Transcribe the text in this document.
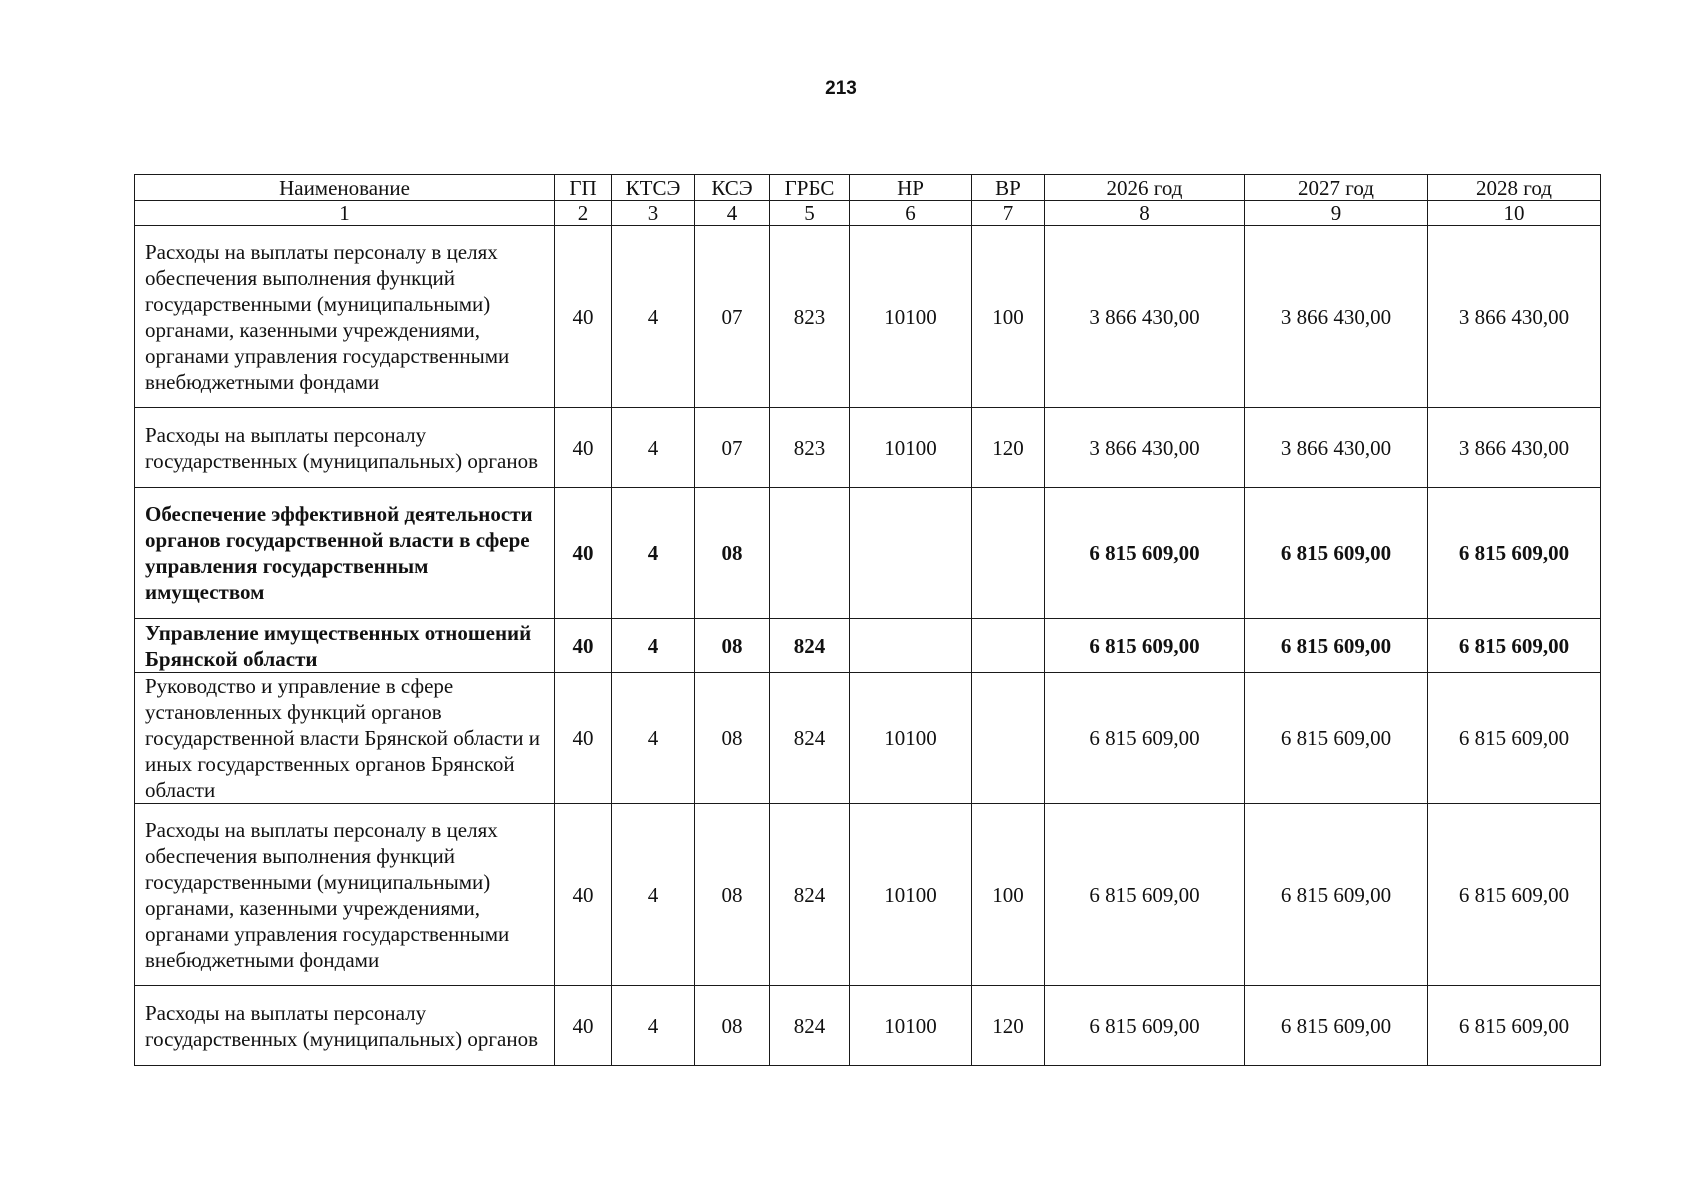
213
Наименование	ГП	КТСЭ	КСЭ	ГРБС	НР	ВР	2026 год	2027 год	2028 год
1	2	3	4	5	6	7	8	9	10
Расходы на выплаты персоналу в целях обеспечения выполнения функций государственными (муниципальными) органами, казенными учреждениями, органами управления государственными внебюджетными фондами	40	4	07	823	10100	100	3 866 430,00	3 866 430,00	3 866 430,00
Расходы на выплаты персоналу государственных (муниципальных) органов	40	4	07	823	10100	120	3 866 430,00	3 866 430,00	3 866 430,00
Обеспечение эффективной деятельности органов государственной власти в сфере управления государственным имуществом	40	4	08				6 815 609,00	6 815 609,00	6 815 609,00
Управление имущественных отношений Брянской области	40	4	08	824			6 815 609,00	6 815 609,00	6 815 609,00
Руководство и управление в сфере установленных функций органов государственной власти Брянской области и иных государственных органов Брянской области	40	4	08	824	10100		6 815 609,00	6 815 609,00	6 815 609,00
Расходы на выплаты персоналу в целях обеспечения выполнения функций государственными (муниципальными) органами, казенными учреждениями, органами управления государственными внебюджетными фондами	40	4	08	824	10100	100	6 815 609,00	6 815 609,00	6 815 609,00
Расходы на выплаты персоналу государственных (муниципальных) органов	40	4	08	824	10100	120	6 815 609,00	6 815 609,00	6 815 609,00
